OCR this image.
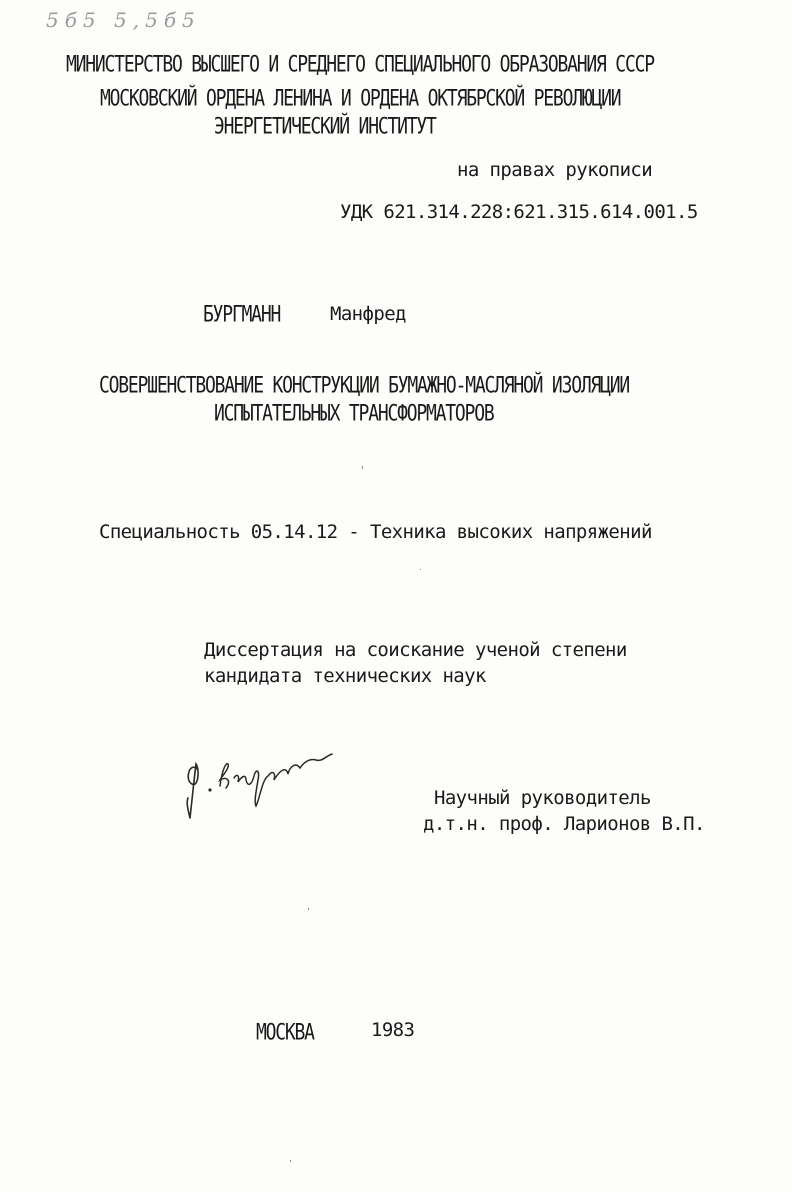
5б5 5,5б5
МИНИСТЕРСТВО ВЫСШЕГО И СРЕДНЕГО СПЕЦИАЛЬНОГО ОБРАЗОВАНИЯ СССР
МОСКОВСКИЙ ОРДЕНА ЛЕНИНА И ОРДЕНА ОКТЯБРСКОЙ РЕВОЛЮЦИИ
ЭНЕРГЕТИЧЕСКИЙ ИНСТИТУТ
на правах рукописи
УДК 621.314.228:621.315.614.001.5
БУРГМАНН	Манфред
СОВЕРШЕНСТВОВАНИЕ КОНСТРУКЦИИ БУМАЖНО-МАСЛЯНОЙ ИЗОЛЯЦИИ
ИСПЫТАТЕЛЬНЫХ ТРАНСФОРМАТОРОВ
Специальность 05.14.12 - Техника высоких напряжений
Диссертация на соискание ученой степени
кандидата технических наук
Научный руководитель
д.т.н. проф. Ларионов В.П.
МОСКВА	1983
